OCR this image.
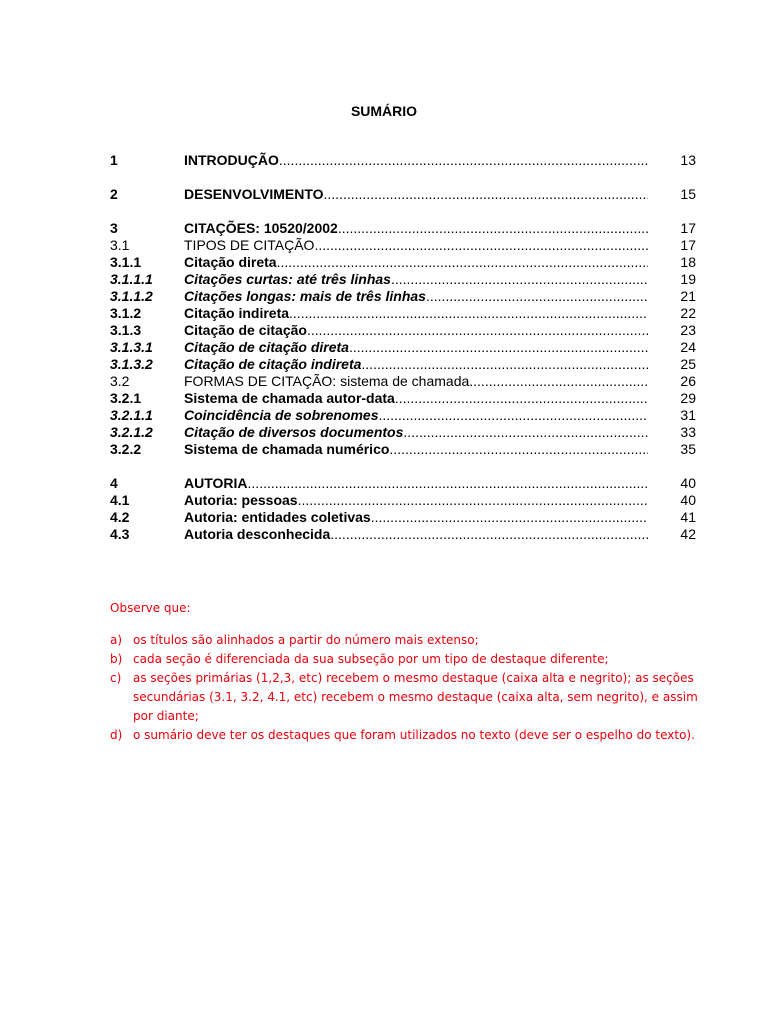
SUMÁRIO
1	INTRODUÇÃO .....	13
2	DESENVOLVIMENTO .....	15
3	CITAÇÕES: 10520/2002 .....	17
3.1	TIPOS DE CITAÇÃO .....	17
3.1.1	Citação direta .....	18
3.1.1.1	Citações curtas: até três linhas .....	19
3.1.1.2	Citações longas: mais de três linhas .....	21
3.1.2	Citação indireta .....	22
3.1.3	Citação de citação .....	23
3.1.3.1	Citação de citação direta .....	24
3.1.3.2	Citação de citação indireta .....	25
3.2	FORMAS DE CITAÇÃO: sistema de chamada .....	26
3.2.1	Sistema de chamada autor-data .....	29
3.2.1.1	Coincidência de sobrenomes .....	31
3.2.1.2	Citação de diversos documentos .....	33
3.2.2	Sistema de chamada numérico .....	35
4	AUTORIA .....	40
4.1	Autoria: pessoas .....	40
4.2	Autoria: entidades coletivas .....	41
4.3	Autoria desconhecida .....	42
Observe que:
a) os títulos são alinhados a partir do número mais extenso;
b) cada seção é diferenciada da sua subseção por um tipo de destaque diferente;
c) as seções primárias (1,2,3, etc) recebem o mesmo destaque (caixa alta e negrito); as seções secundárias (3.1, 3.2, 4.1, etc) recebem o mesmo destaque (caixa alta, sem negrito), e assim por diante;
d) o sumário deve ter os destaques que foram utilizados no texto (deve ser o espelho do texto).
